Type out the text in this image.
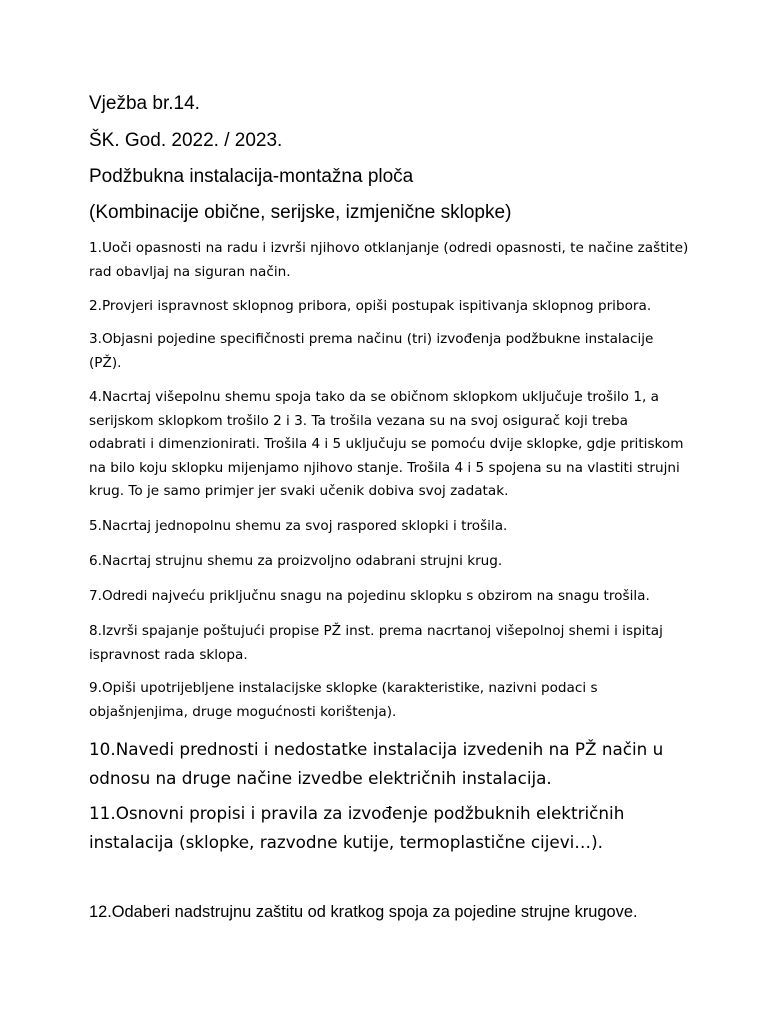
Vježba br.14.

ŠK. God. 2022. / 2023.

Podžbukna instalacija-montažna ploča

(Kombinacije obične, serijske, izmjenične sklopke)

1.Uoči opasnosti na radu i izvrši njihovo otklanjanje (odredi opasnosti, te načine zaštite) rad obavljaj na siguran način.

2.Provjeri ispravnost sklopnog pribora, opiši postupak ispitivanja sklopnog pribora.

3.Objasni pojedine specifičnosti prema načinu (tri) izvođenja podžbukne instalacije (PŽ).

4.Nacrtaj višepolnu shemu spoja tako da se običnom sklopkom uključuje trošilo 1, a serijskom sklopkom trošilo 2 i 3. Ta trošila vezana su na svoj osigurač koji treba odabrati i dimenzionirati. Trošila 4 i 5 uključuju se pomoću dvije sklopke, gdje pritiskom na bilo koju sklopku mijenjamo njihovo stanje. Trošila 4 i 5 spojena su na vlastiti strujni krug. To je samo primjer jer svaki učenik dobiva svoj zadatak.

5.Nacrtaj jednopolnu shemu za svoj raspored sklopki i trošila.

6.Nacrtaj strujnu shemu za proizvoljno odabrani strujni krug.

7.Odredi najveću priključnu snagu na pojedinu sklopku s obzirom na snagu trošila.

8.Izvrši spajanje poštujući propise PŽ inst. prema nacrtanoj višepolnoj shemi i ispitaj ispravnost rada sklopa.

9.Opiši upotrijebljene instalacijske sklopke (karakteristike, nazivni podaci s objašnjenjima, druge mogućnosti korištenja).

10.Navedi prednosti i nedostatke instalacija izvedenih na PŽ način u odnosu na druge načine izvedbe električnih instalacija.

11.Osnovni propisi i pravila za izvođenje podžbuknih električnih instalacija (sklopke, razvodne kutije, termoplastične cijevi…).

12.Odaberi nadstrujnu zaštitu od kratkog spoja za pojedine strujne krugove.
